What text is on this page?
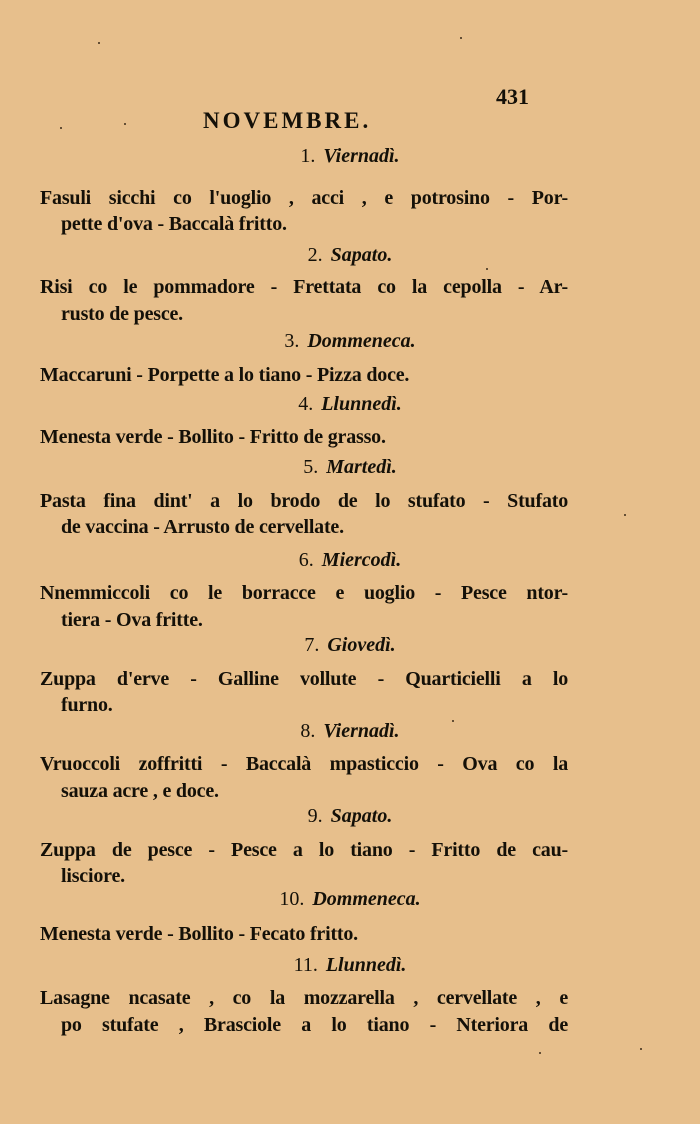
431
NOVEMBRE.
1. Viernadì.
Fasuli sicchi co l'uoglio , acci , e potrosino - Por-
pette d'ova - Baccalà fritto.
2. Sapato.
Risi co le pommadore - Frettata co la cepolla - Ar-
rusto de pesce.
3. Dommeneca.
Maccaruni - Porpette a lo tiano - Pizza doce.
4. Llunnedì.
Menesta verde - Bollito - Fritto de grasso.
5. Martedì.
Pasta fina dint' a lo brodo de lo stufato - Stufato
de vaccina - Arrusto de cervellate.
6. Miercodì.
Nnemmiccoli co le borracce e uoglio - Pesce ntor-
tiera - Ova fritte.
7. Giovedì.
Zuppa d'erve - Galline vollute - Quarticielli a lo
furno.
8. Viernadì.
Vruoccoli zoffritti - Baccalà mpasticcio - Ova co la
sauza acre , e doce.
9. Sapato.
Zuppa de pesce - Pesce a lo tiano - Fritto de cau-
lisciore.
10. Dommeneca.
Menesta verde - Bollito - Fecato fritto.
11. Llunnedì.
Lasagne ncasate , co la mozzarella , cervellate , e
po stufate , Brasciole a lo tiano - Nteriora de
